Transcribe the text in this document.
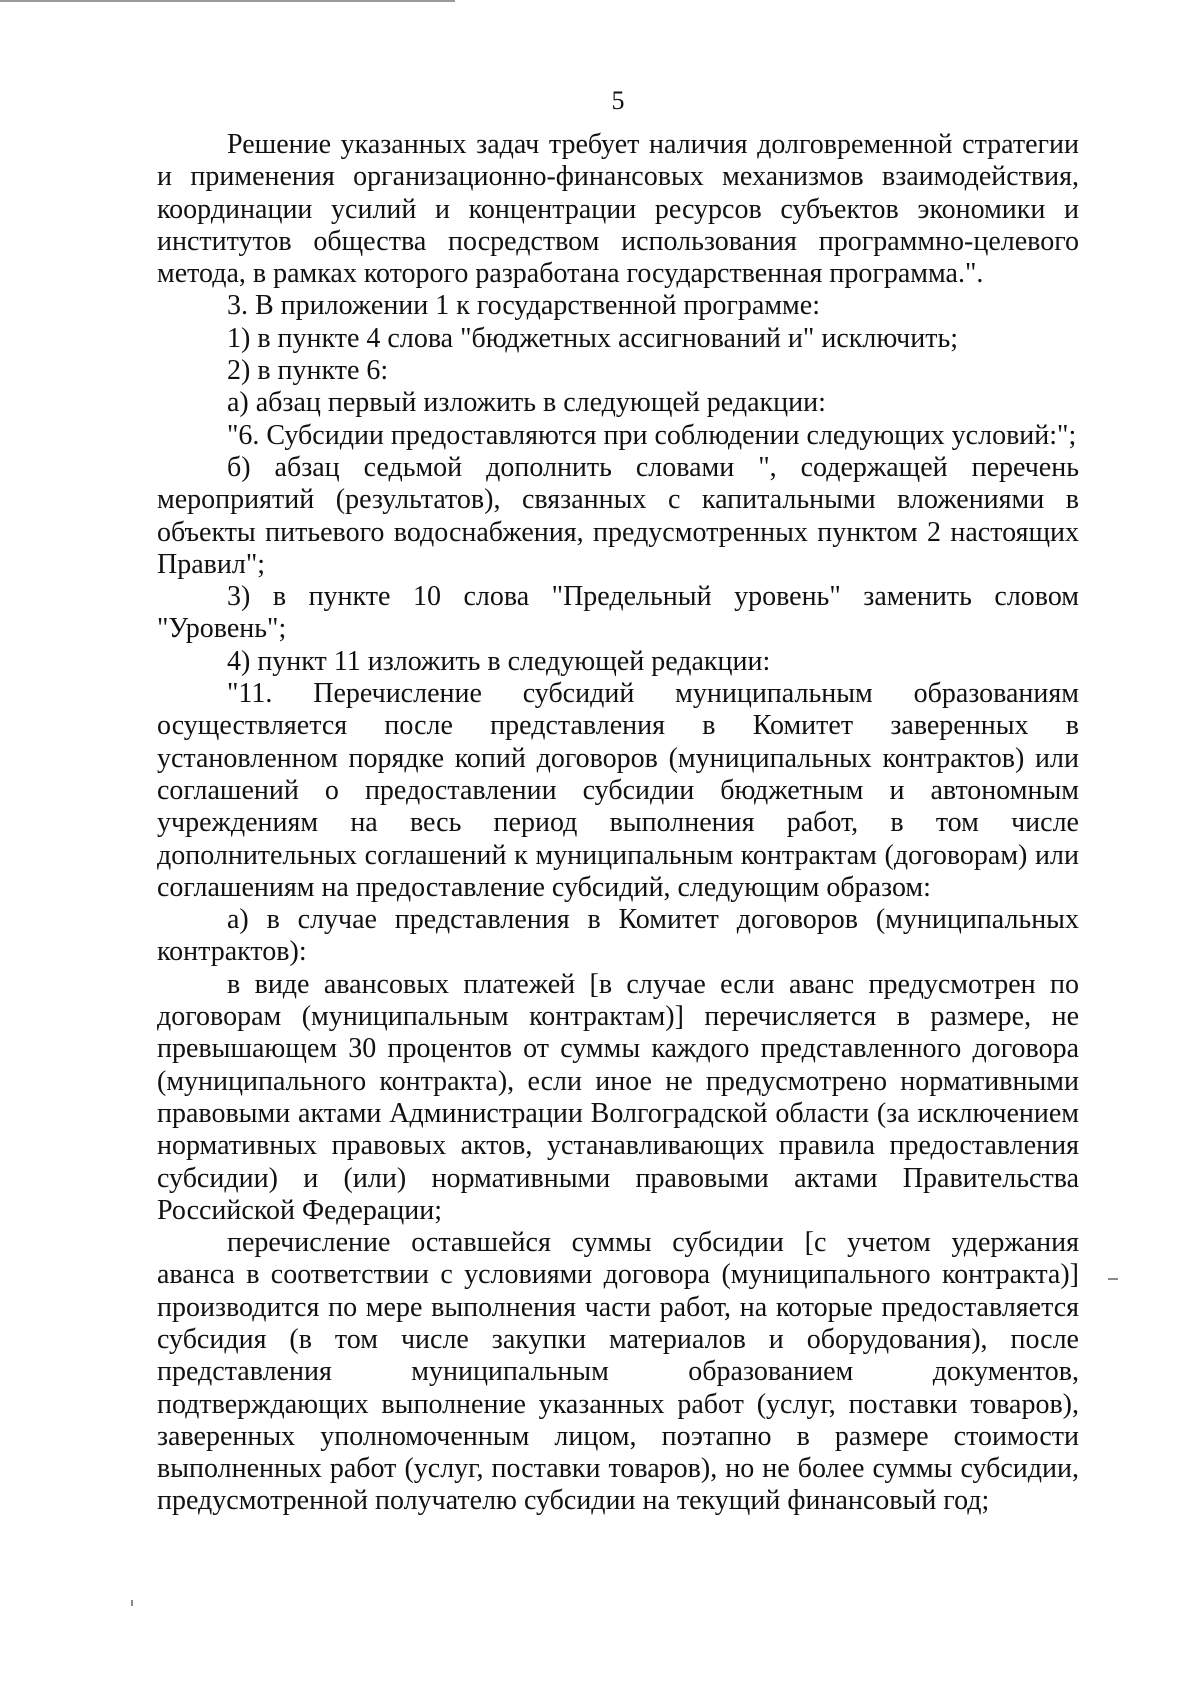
5

Решение указанных задач требует наличия долговременной стратегии и применения организационно-финансовых механизмов взаимодействия, координации усилий и концентрации ресурсов субъектов экономики и институтов общества посредством использования программно-целевого метода, в рамках которого разработана государственная программа.".

3. В приложении 1 к государственной программе:

1) в пункте 4 слова "бюджетных ассигнований и" исключить;

2) в пункте 6:

а) абзац первый изложить в следующей редакции:

"6. Субсидии предоставляются при соблюдении следующих условий:";

б) абзац седьмой дополнить словами ", содержащей перечень мероприятий (результатов), связанных с капитальными вложениями в объекты питьевого водоснабжения, предусмотренных пунктом 2 настоящих Правил";

3) в пункте 10 слова "Предельный уровень" заменить словом "Уровень";

4) пункт 11 изложить в следующей редакции:

"11. Перечисление субсидий муниципальным образованиям осуществляется после представления в Комитет заверенных в установленном порядке копий договоров (муниципальных контрактов) или соглашений о предоставлении субсидии бюджетным и автономным учреждениям на весь период выполнения работ, в том числе дополнительных соглашений к муниципальным контрактам (договорам) или соглашениям на предоставление субсидий, следующим образом:

а) в случае представления в Комитет договоров (муниципальных контрактов):

в виде авансовых платежей [в случае если аванс предусмотрен по договорам (муниципальным контрактам)] перечисляется в размере, не превышающем 30 процентов от суммы каждого представленного договора (муниципального контракта), если иное не предусмотрено нормативными правовыми актами Администрации Волгоградской области (за исключением нормативных правовых актов, устанавливающих правила предоставления субсидии) и (или) нормативными правовыми актами Правительства Российской Федерации;

перечисление оставшейся суммы субсидии [с учетом удержания аванса в соответствии с условиями договора (муниципального контракта)] производится по мере выполнения части работ, на которые предоставляется субсидия (в том числе закупки материалов и оборудования), после представления муниципальным образованием документов, подтверждающих выполнение указанных работ (услуг, поставки товаров), заверенных уполномоченным лицом, поэтапно в размере стоимости выполненных работ (услуг, поставки товаров), но не более суммы субсидии, предусмотренной получателю субсидии на текущий финансовый год;
